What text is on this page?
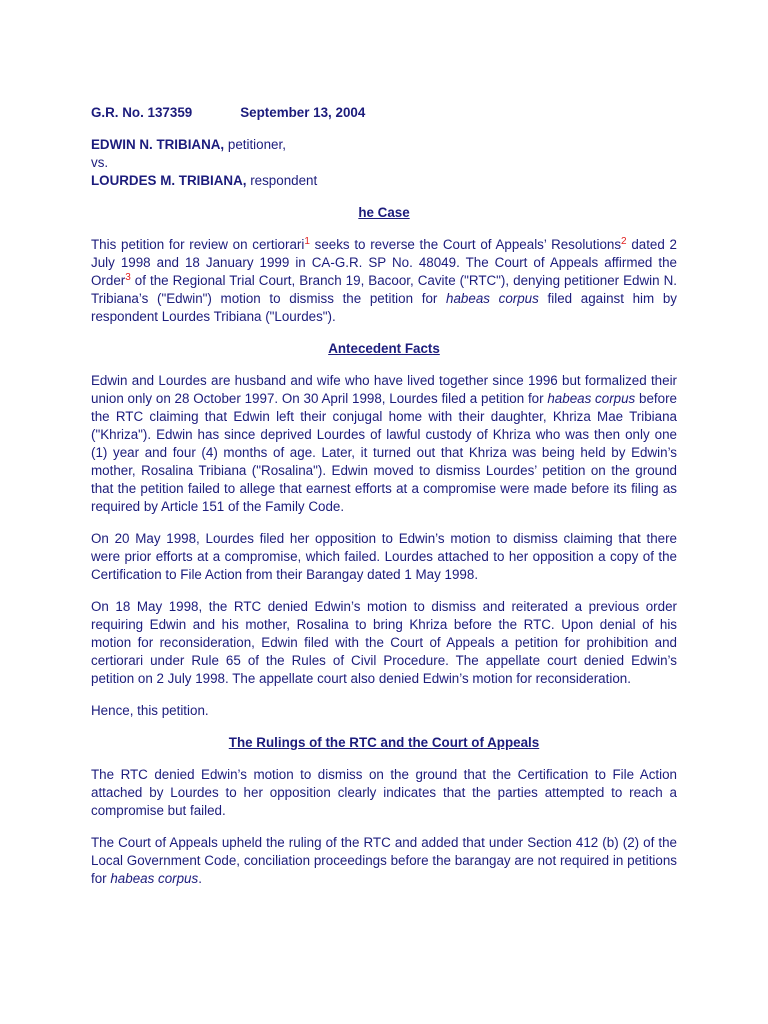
G.R. No. 137359	September 13, 2004
EDWIN N. TRIBIANA, petitioner,
vs.
LOURDES M. TRIBIANA, respondent
he Case

This petition for review on certiorari$^1$ seeks to reverse the Court of Appeals’ Resolutions$^2$ dated 2 July 1998 and 18 January 1999 in CA-G.R. SP No. 48049. The Court of Appeals affirmed the Order$^3$ of the Regional Trial Court, Branch 19, Bacoor, Cavite ("RTC"), denying petitioner Edwin N. Tribiana’s ("Edwin") motion to dismiss the petition for habeas corpus filed against him by respondent Lourdes Tribiana ("Lourdes").

Antecedent Facts

Edwin and Lourdes are husband and wife who have lived together since 1996 but formalized their union only on 28 October 1997. On 30 April 1998, Lourdes filed a petition for habeas corpus before the RTC claiming that Edwin left their conjugal home with their daughter, Khriza Mae Tribiana ("Khriza"). Edwin has since deprived Lourdes of lawful custody of Khriza who was then only one (1) year and four (4) months of age. Later, it turned out that Khriza was being held by Edwin’s mother, Rosalina Tribiana ("Rosalina"). Edwin moved to dismiss Lourdes’ petition on the ground that the petition failed to allege that earnest efforts at a compromise were made before its filing as required by Article 151 of the Family Code.

On 20 May 1998, Lourdes filed her opposition to Edwin’s motion to dismiss claiming that there were prior efforts at a compromise, which failed. Lourdes attached to her opposition a copy of the Certification to File Action from their Barangay dated 1 May 1998.

On 18 May 1998, the RTC denied Edwin’s motion to dismiss and reiterated a previous order requiring Edwin and his mother, Rosalina to bring Khriza before the RTC. Upon denial of his motion for reconsideration, Edwin filed with the Court of Appeals a petition for prohibition and certiorari under Rule 65 of the Rules of Civil Procedure. The appellate court denied Edwin’s petition on 2 July 1998. The appellate court also denied Edwin’s motion for reconsideration.

Hence, this petition.

The Rulings of the RTC and the Court of Appeals

The RTC denied Edwin’s motion to dismiss on the ground that the Certification to File Action attached by Lourdes to her opposition clearly indicates that the parties attempted to reach a compromise but failed.

The Court of Appeals upheld the ruling of the RTC and added that under Section 412 (b) (2) of the Local Government Code, conciliation proceedings before the barangay are not required in petitions for habeas corpus.
